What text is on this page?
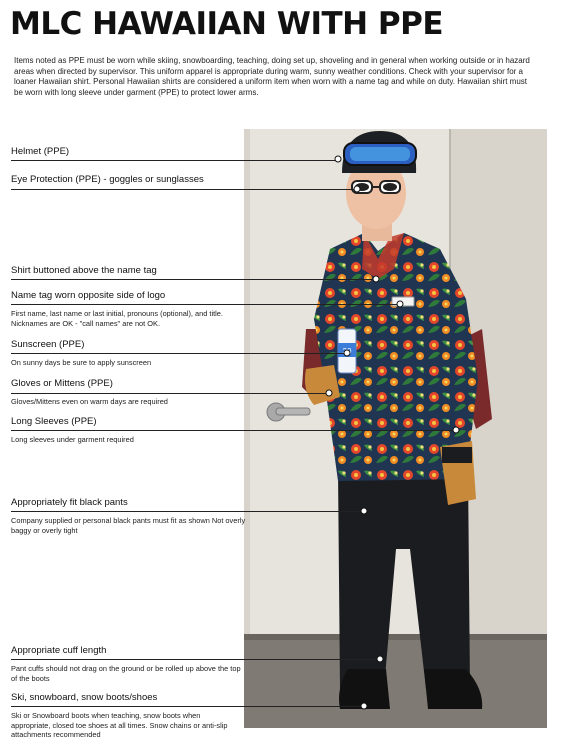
MLC HAWAIIAN WITH PPE

Items noted as PPE must be worn while skiing, snowboarding, teaching, doing set up, shoveling and in general when working outside or in hazard areas when directed by supervisor. This uniform apparel is appropriate during warm, sunny weather conditions. Check with your supervisor for a loaner Hawaiian shirt. Personal Hawaiian shirts are considered a uniform item when worn with a name tag and while on duty. Hawaiian shirt must be worn with long sleeve under garment (PPE) to protect lower arms.

Helmet (PPE)
Eye Protection (PPE) - goggles or sunglasses
Shirt buttoned above the name tag
Name tag worn opposite side of logo
First name, last name or last initial, pronouns (optional), and title. Nicknames are OK - "call names" are not OK.
Sunscreen (PPE)
On sunny days be sure to apply sunscreen
Gloves or Mittens (PPE)
Gloves/Mittens even on warm days are required
Long Sleeves (PPE)
Long sleeves under garment required
Appropriately fit black pants
Company supplied or personal black pants must fit as shown Not overly baggy or overly tight
Appropriate cuff length
Pant cuffs should not drag on the ground or be rolled up above the top of the boots
Ski, snowboard, snow boots/shoes
Ski or Snowboard boots when teaching, snow boots when appropriate, closed toe shoes at all times. Snow chains or anti-slip attachments recommended
